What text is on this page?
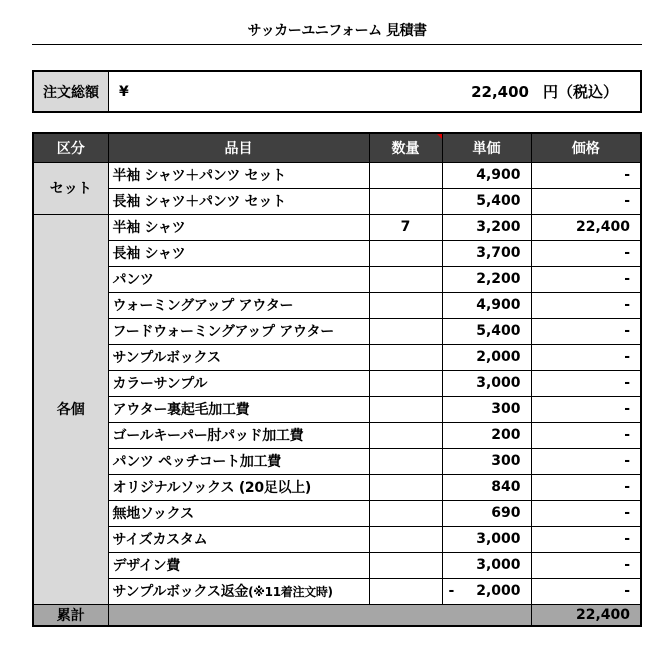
サッカーユニフォーム 見積書
注文総額	¥	22,400 円（税込）
区分	品目	数量	単価	価格
セット	半袖 シャツ＋パンツ セット		4,900	-
	長袖 シャツ＋パンツ セット		5,400	-
各個	半袖 シャツ	7	3,200	22,400
	長袖 シャツ		3,700	-
	パンツ		2,200	-
	ウォーミングアップ アウター		4,900	-
	フードウォーミングアップ アウター		5,400	-
	サンプルボックス		2,000	-
	カラーサンプル		3,000	-
	アウター裏起毛加工費		300	-
	ゴールキーパー肘パッド加工費		200	-
	パンツ ペッチコート加工費		300	-
	オリジナルソックス (20足以上)		840	-
	無地ソックス		690	-
	サイズカスタム		3,000	-
	デザイン費		3,000	-
	サンプルボックス返金(※11着注文時)		- 2,000	-
累計				22,400
